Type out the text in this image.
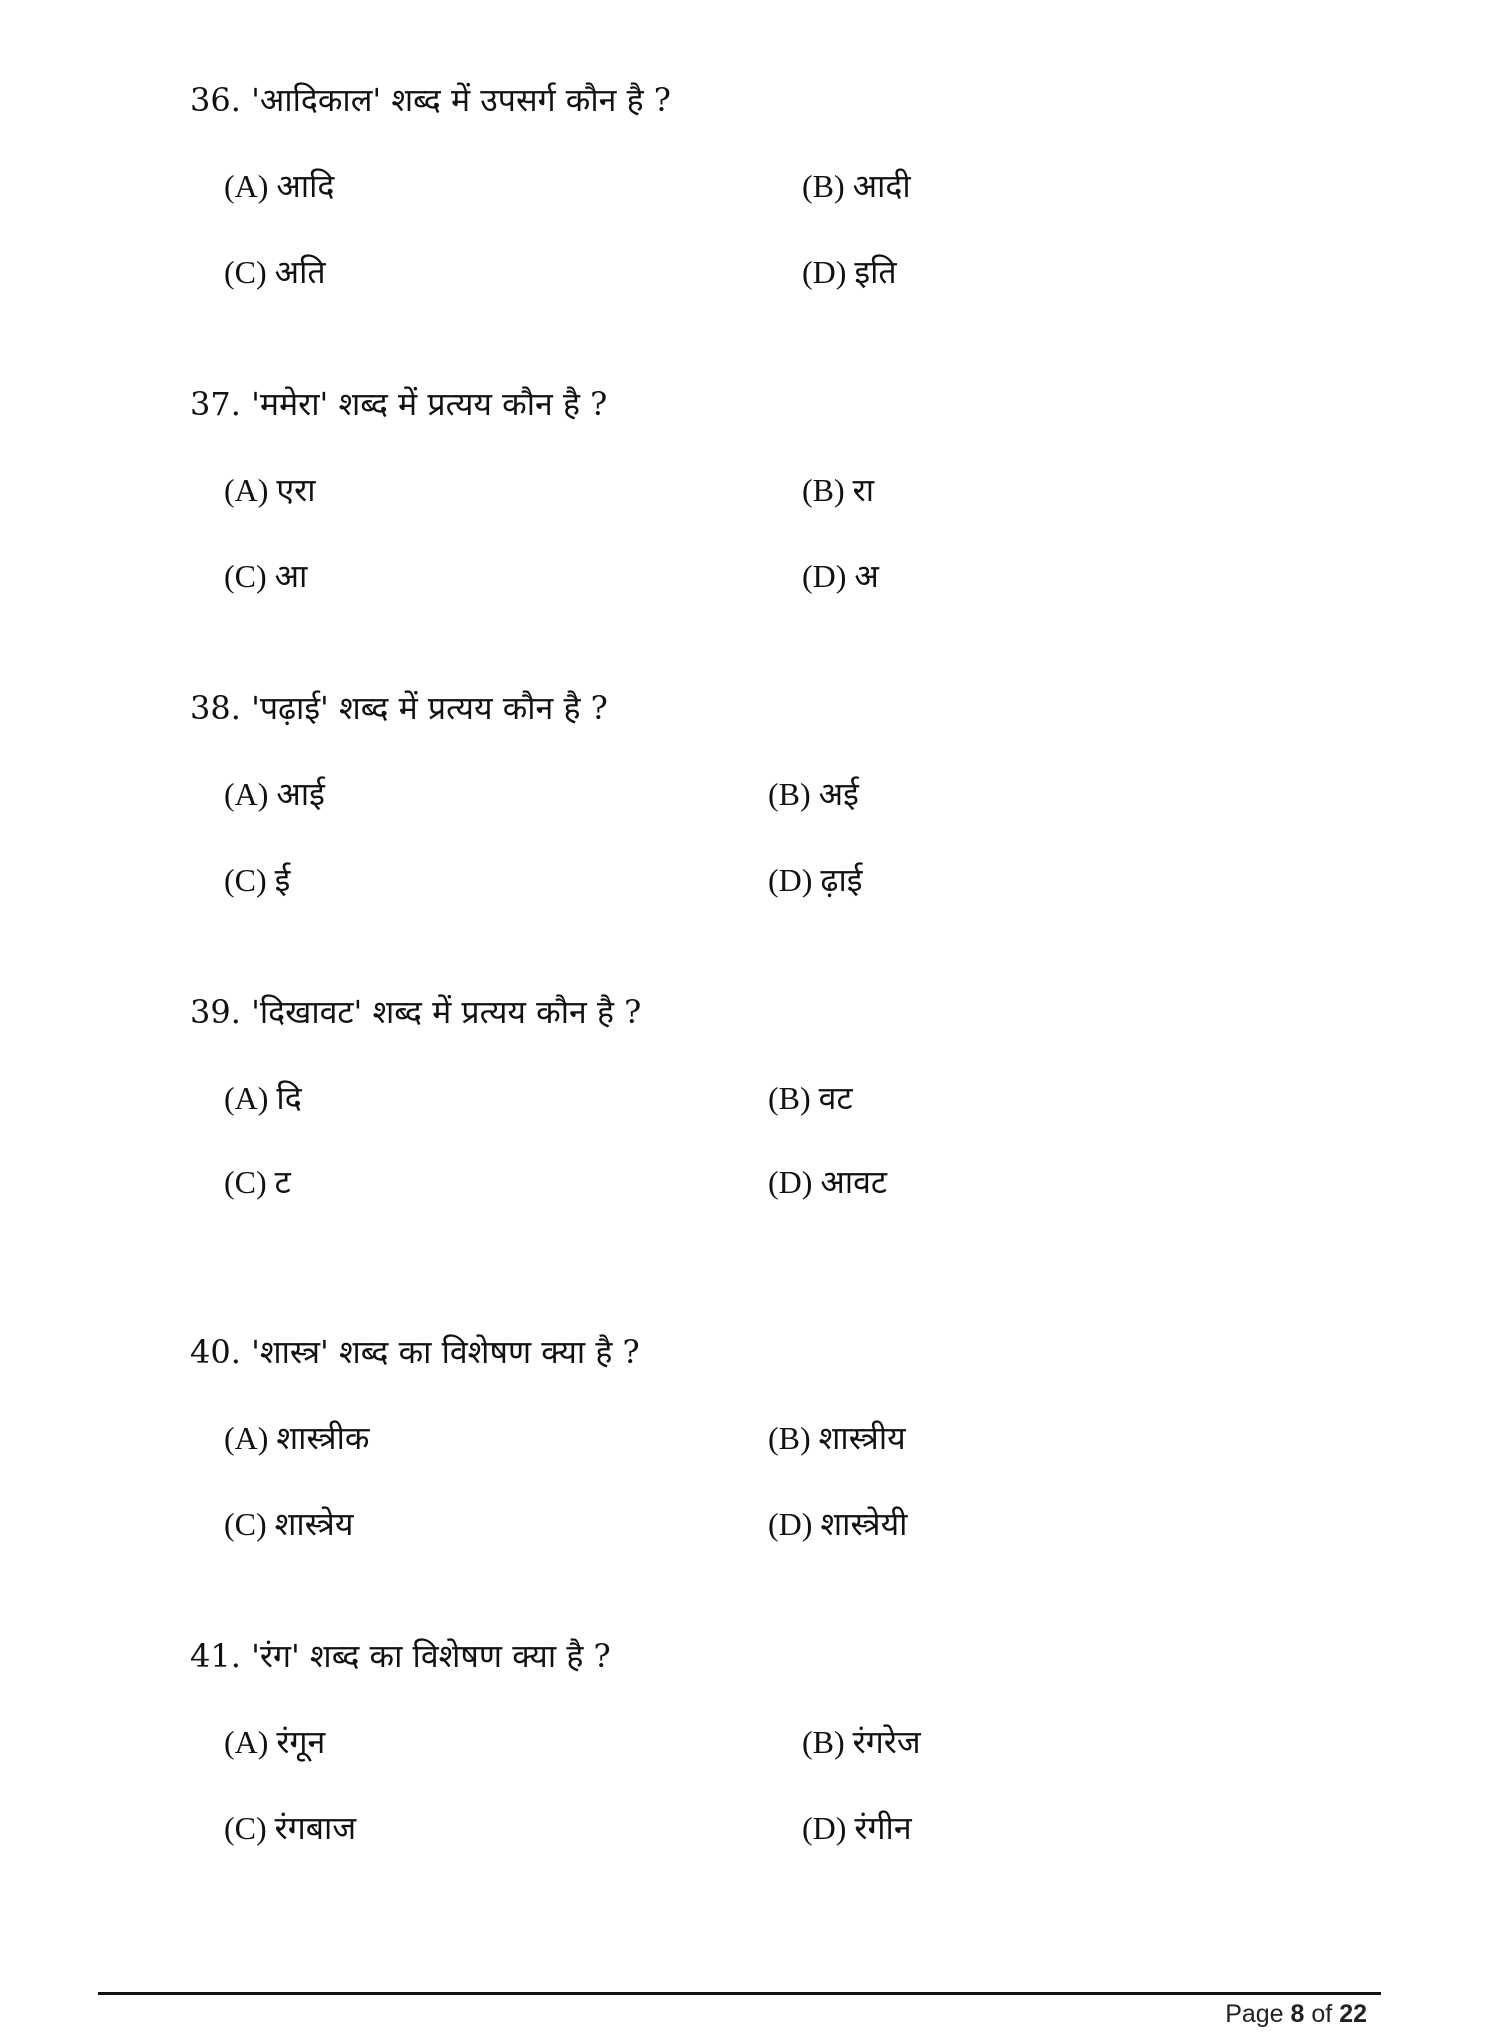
36. 'आदिकाल' शब्द में उपसर्ग कौन है ?
(A) आदि	(B) आदी
(C) अति	(D) इति
37. 'ममेरा' शब्द में प्रत्यय कौन है ?
(A) एरा	(B) रा
(C) आ	(D) अ
38. 'पढ़ाई' शब्द में प्रत्यय कौन है ?
(A) आई	(B) अई
(C) ई	(D) ढ़ाई
39. 'दिखावट' शब्द में प्रत्यय कौन है ?
(A) दि	(B) वट
(C) ट	(D) आवट
40. 'शास्त्र' शब्द का विशेषण क्या है ?
(A) शास्त्रीक	(B) शास्त्रीय
(C) शास्त्रेय	(D) शास्त्रेयी
41. 'रंग' शब्द का विशेषण क्या है ?
(A) रंगून	(B) रंगरेज
(C) रंगबाज	(D) रंगीन
Page 8 of 22
